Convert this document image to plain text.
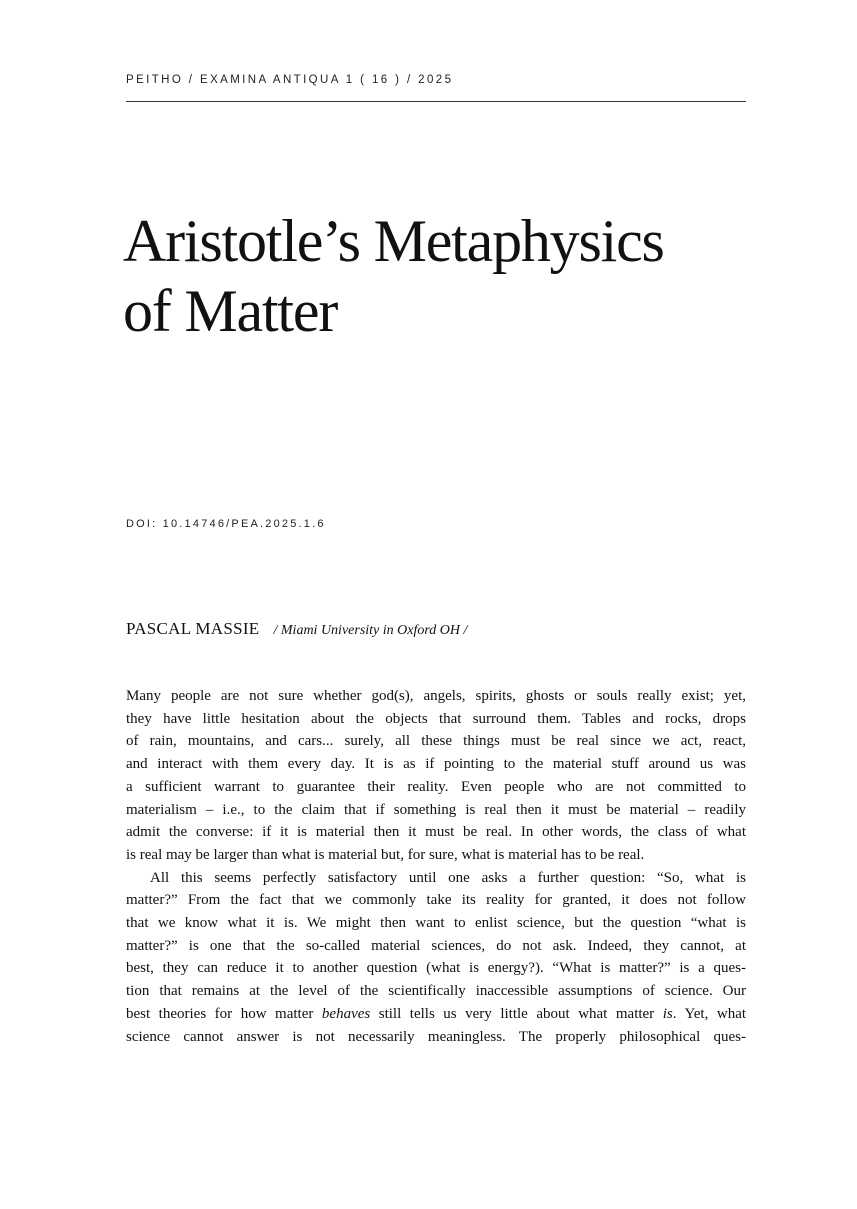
PEITHO / EXAMINA ANTIQUA 1 ( 16 ) / 2025
Aristotle’s Metaphysics
of Matter
DOI: 10.14746/PEA.2025.1.6
PASCAL MASSIE / Miami University in Oxford OH /
Many people are not sure whether god(s), angels, spirits, ghosts or souls really exist; yet,
they have little hesitation about the objects that surround them. Tables and rocks, drops
of rain, mountains, and cars... surely, all these things must be real since we act, react,
and interact with them every day. It is as if pointing to the material stuff around us was
a sufficient warrant to guarantee their reality. Even people who are not committed to
materialism – i.e., to the claim that if something is real then it must be material – readily
admit the converse: if it is material then it must be real. In other words, the class of what
is real may be larger than what is material but, for sure, what is material has to be real.
All this seems perfectly satisfactory until one asks a further question: “So, what is
matter?” From the fact that we commonly take its reality for granted, it does not follow
that we know what it is. We might then want to enlist science, but the question “what is
matter?” is one that the so-called material sciences, do not ask. Indeed, they cannot, at
best, they can reduce it to another question (what is energy?). “What is matter?” is a ques-
tion that remains at the level of the scientifically inaccessible assumptions of science. Our
best theories for how matter behaves still tells us very little about what matter is. Yet, what
science cannot answer is not necessarily meaningless. The properly philosophical ques-
